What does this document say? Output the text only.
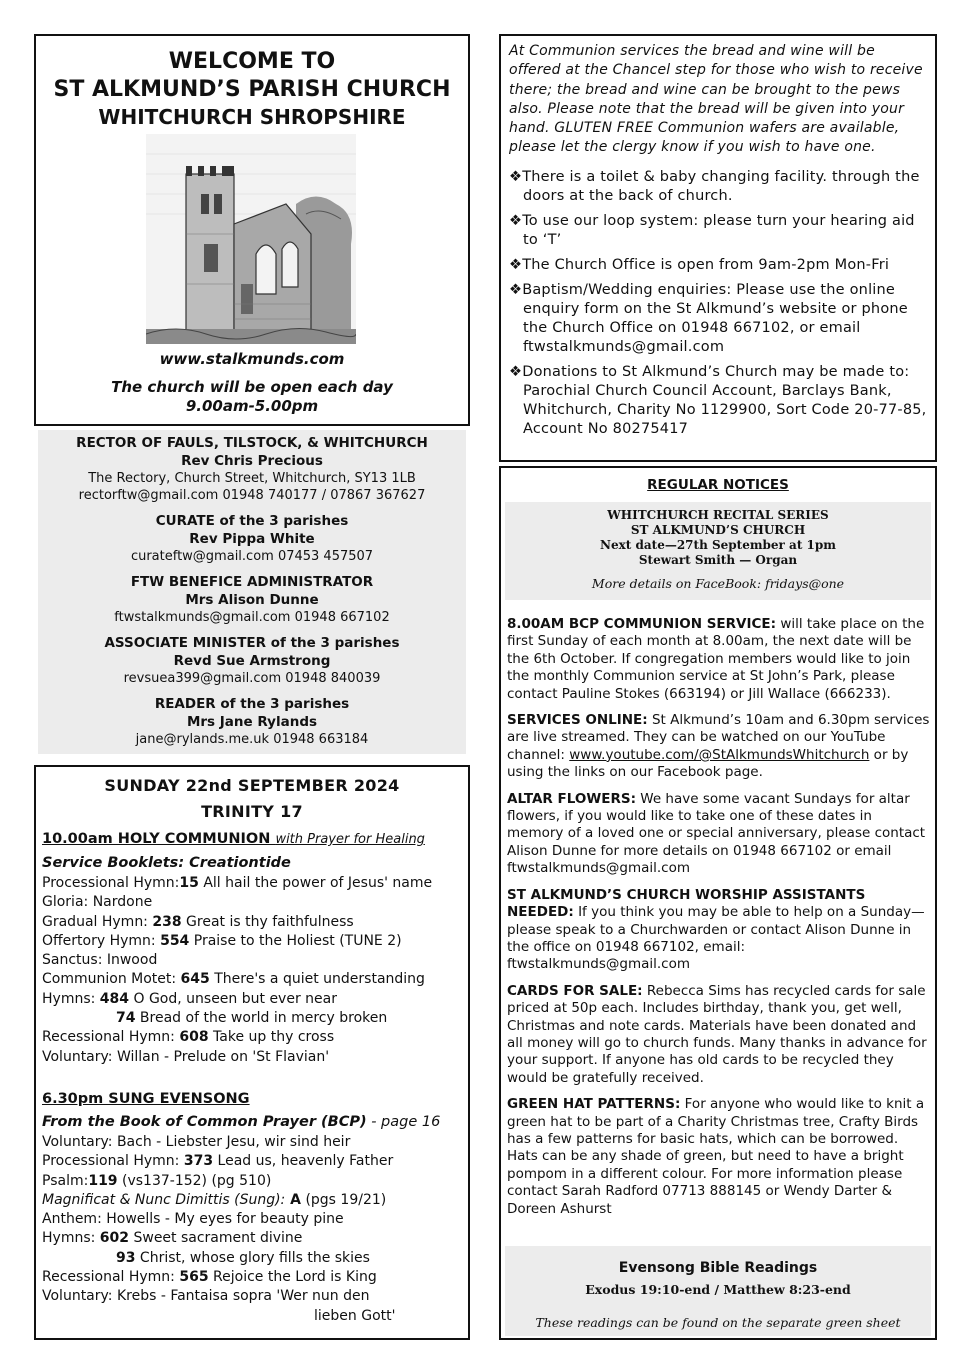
WELCOME TO
ST ALKMUND’S PARISH CHURCH
WHITCHURCH SHROPSHIRE
www.stalkmunds.com
The church will be open each day
9.00am-5.00pm
RECTOR OF FAULS, TILSTOCK, & WHITCHURCH
Rev Chris Precious
The Rectory, Church Street, Whitchurch, SY13 1LB
rectorftw@gmail.com 01948 740177 / 07867 367627
CURATE of the 3 parishes
Rev Pippa White
curateftw@gmail.com 07453 457507
FTW BENEFICE ADMINISTRATOR
Mrs Alison Dunne
ftwstalkmunds@gmail.com 01948 667102
ASSOCIATE MINISTER of the 3 parishes
Revd Sue Armstrong
revsuea399@gmail.com 01948 840039
READER of the 3 parishes
Mrs Jane Rylands
jane@rylands.me.uk 01948 663184
SUNDAY 22nd SEPTEMBER 2024
TRINITY 17
10.00am HOLY COMMUNION with Prayer for Healing
Service Booklets: Creationtide
Processional Hymn:15 All hail the power of Jesus' name
Gloria: Nardone
Gradual Hymn: 238 Great is thy faithfulness
Offertory Hymn: 554 Praise to the Holiest (TUNE 2)
Sanctus: Inwood
Communion Motet: 645 There's a quiet understanding
Hymns: 484 O God, unseen but ever near
74 Bread of the world in mercy broken
Recessional Hymn: 608 Take up thy cross
Voluntary: Willan - Prelude on 'St Flavian'
6.30pm SUNG EVENSONG
From the Book of Common Prayer (BCP) - page 16
Voluntary: Bach - Liebster Jesu, wir sind heir
Processional Hymn: 373 Lead us, heavenly Father
Psalm:119 (vs137-152) (pg 510)
Magnificat & Nunc Dimittis (Sung): A (pgs 19/21)
Anthem: Howells - My eyes for beauty pine
Hymns: 602 Sweet sacrament divine
93 Christ, whose glory fills the skies
Recessional Hymn: 565 Rejoice the Lord is King
Voluntary: Krebs - Fantaisa sopra 'Wer nun den
lieben Gott'
At Communion services the bread and wine will be offered at the Chancel step for those who wish to receive there; the bread and wine can be brought to the pews also. Please note that the bread will be given into your hand. GLUTEN FREE Communion wafers are available, please let the clergy know if you wish to have one.
❖There is a toilet & baby changing facility. through the doors at the back of church.
❖To use our loop system: please turn your hearing aid to ‘T’
❖The Church Office is open from 9am-2pm Mon-Fri
❖Baptism/Wedding enquiries: Please use the online enquiry form on the St Alkmund’s website or phone the Church Office on 01948 667102, or email ftwstalkmunds@gmail.com
❖Donations to St Alkmund’s Church may be made to: Parochial Church Council Account, Barclays Bank, Whitchurch, Charity No 1129900, Sort Code 20-77-85, Account No 80275417
REGULAR NOTICES
WHITCHURCH RECITAL SERIES
ST ALKMUND’S CHURCH
Next date—27th September at 1pm
Stewart Smith — Organ
More details on FaceBook: fridays@one
8.00AM BCP COMMUNION SERVICE: will take place on the first Sunday of each month at 8.00am, the next date will be the 6th October. If congregation members would like to join the monthly Communion service at St John’s Park, please contact Pauline Stokes (663194) or Jill Wallace (666233).
SERVICES ONLINE: St Alkmund’s 10am and 6.30pm services are live streamed. They can be watched on our YouTube channel: www.youtube.com/@StAlkmundsWhitchurch or by using the links on our Facebook page.
ALTAR FLOWERS: We have some vacant Sundays for altar flowers, if you would like to take one of these dates in memory of a loved one or special anniversary, please contact Alison Dunne for more details on 01948 667102 or email ftwstalkmunds@gmail.com
ST ALKMUND’S CHURCH WORSHIP ASSISTANTS NEEDED: If you think you may be able to help on a Sunday—please speak to a Churchwarden or contact Alison Dunne in the office on 01948 667102, email: ftwstalkmunds@gmail.com
CARDS FOR SALE: Rebecca Sims has recycled cards for sale priced at 50p each. Includes birthday, thank you, get well, Christmas and note cards. Materials have been donated and all money will go to church funds. Many thanks in advance for your support. If anyone has old cards to be recycled they would be gratefully received.
GREEN HAT PATTERNS: For anyone who would like to knit a green hat to be part of a Charity Christmas tree, Crafty Birds has a few patterns for basic hats, which can be borrowed. Hats can be any shade of green, but need to have a bright pompom in a different colour. For more information please contact Sarah Radford 07713 888145 or Wendy Darter & Doreen Ashurst
Evensong Bible Readings
Exodus 19:10-end / Matthew 8:23-end
These readings can be found on the separate green sheet
